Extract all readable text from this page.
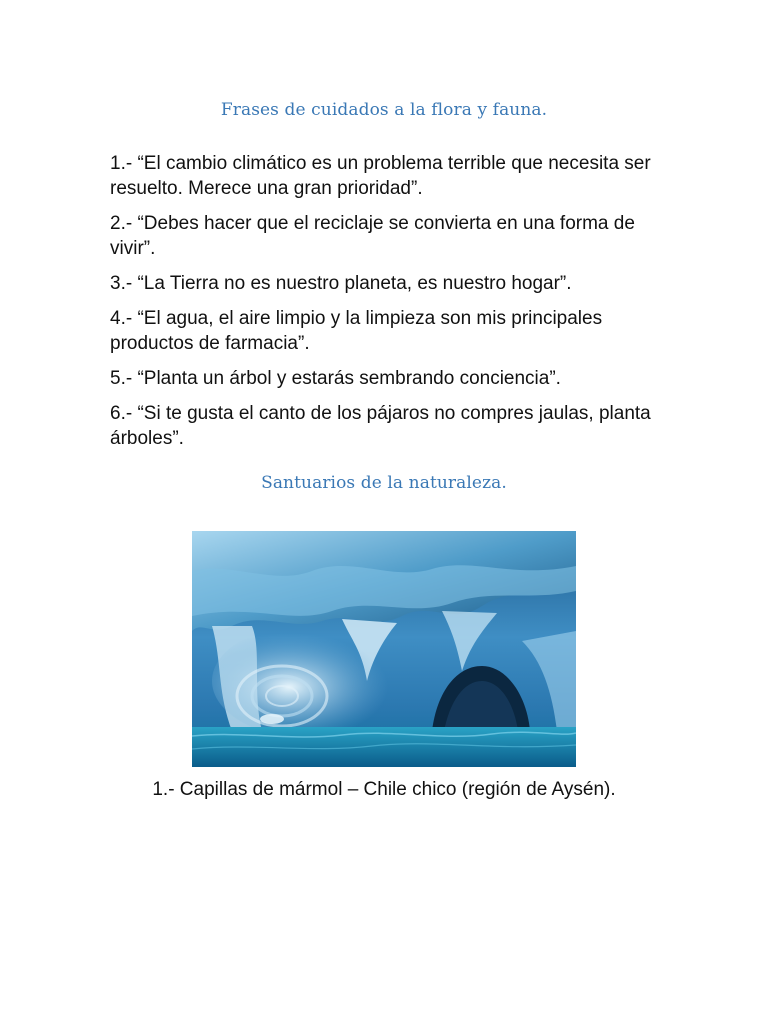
Frases de cuidados a la flora y fauna.
1.- “El cambio climático es un problema terrible que necesita ser resuelto. Merece una gran prioridad”.
2.- “Debes hacer que el reciclaje se convierta en una forma de vivir”.
3.- “La Tierra no es nuestro planeta, es nuestro hogar”.
4.- “El agua, el aire limpio y la limpieza son mis principales productos de farmacia”.
5.- “Planta un árbol y estarás sembrando conciencia”.
6.- “Si te gusta el canto de los pájaros no compres jaulas, planta árboles”.
Santuarios de la naturaleza.
1.- Capillas de mármol – Chile chico (región de Aysén).
